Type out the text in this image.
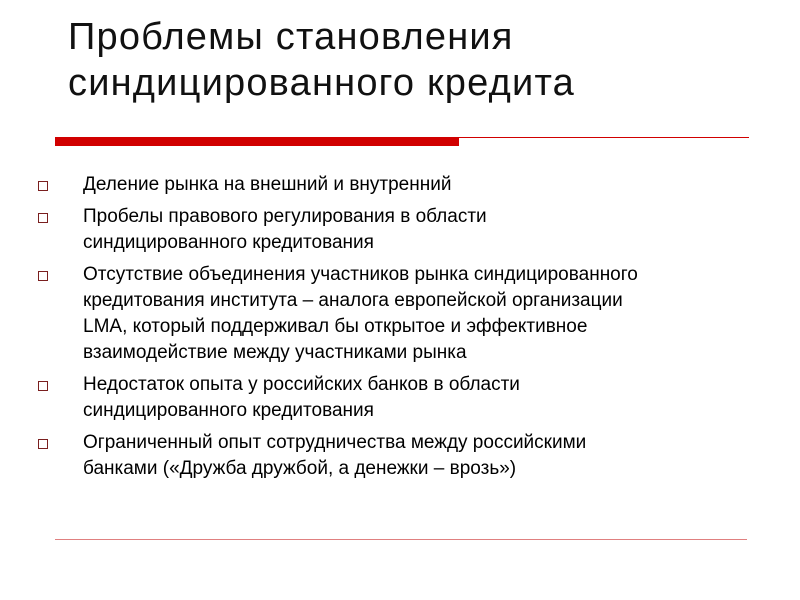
Проблемы становления
синдицированного кредита
Деление рынка на внешний и внутренний
Пробелы правового регулирования в области
синдицированного кредитования
Отсутствие объединения участников рынка синдицированного
кредитования института – аналога европейской организации
LMA, который поддерживал бы открытое и эффективное
взаимодействие между участниками рынка
Недостаток опыта у российских банков в области
синдицированного кредитования
Ограниченный опыт сотрудничества между российскими
банками («Дружба дружбой, а денежки – врозь»)
